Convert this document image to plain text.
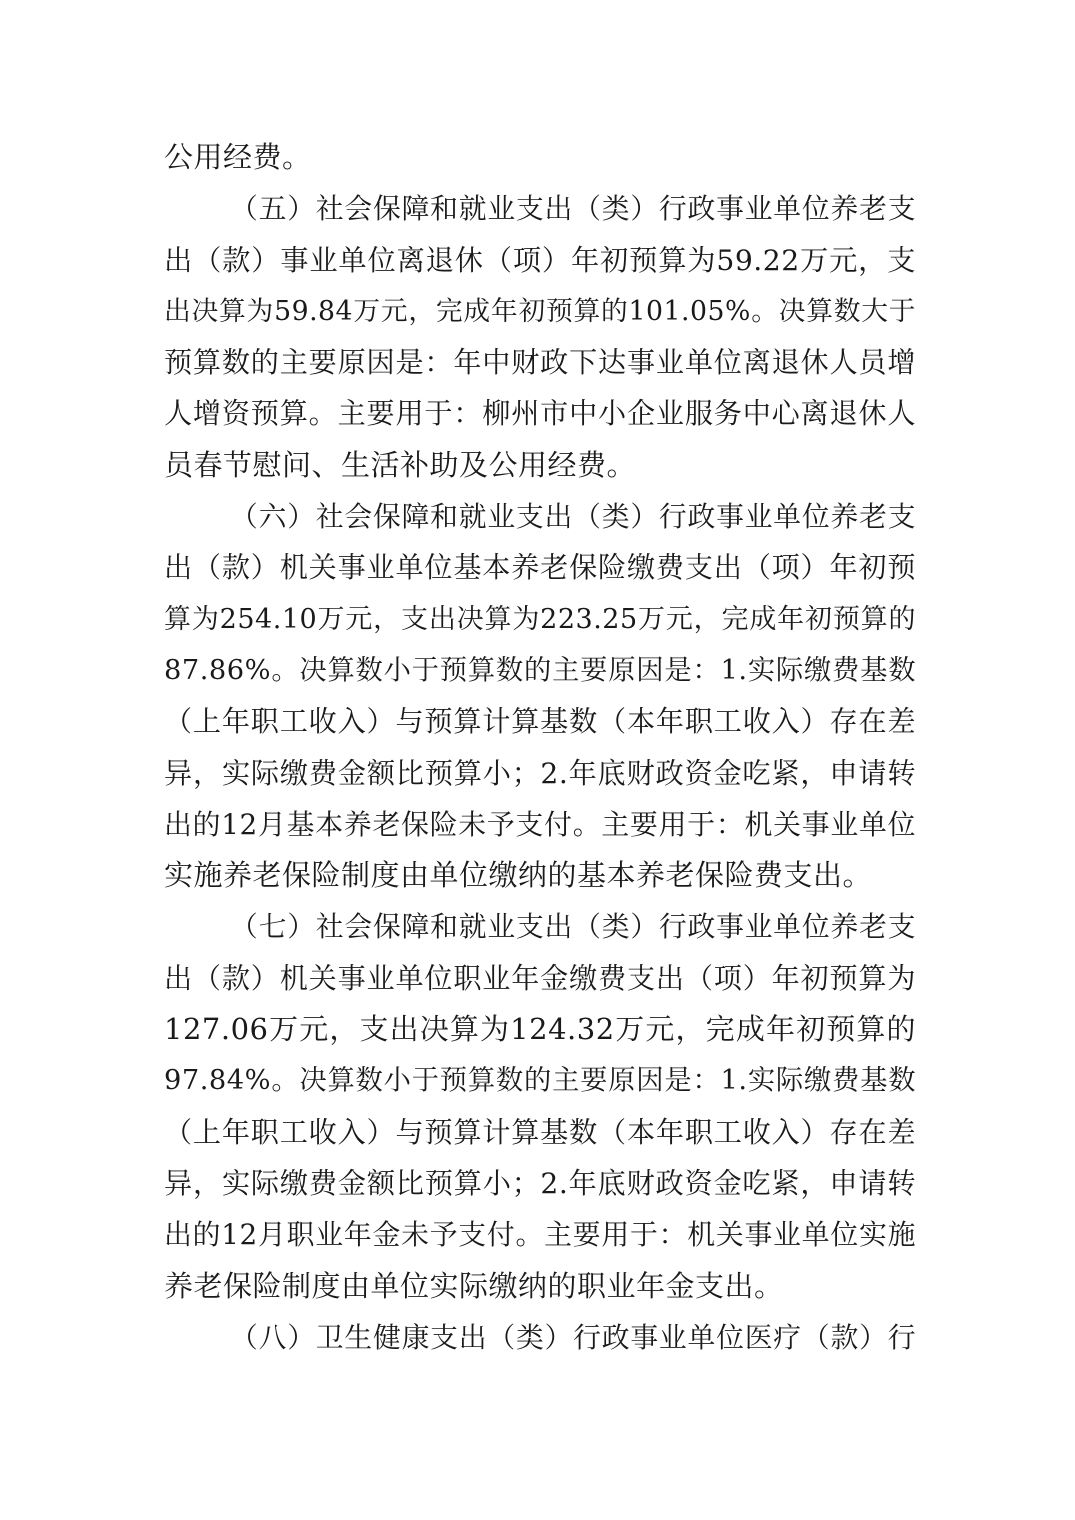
公用经费。
（五）社会保障和就业支出（类）行政事业单位养老支
出（款）事业单位离退休（项）年初预算为59.22万元，支
出决算为59.84万元，完成年初预算的101.05%。决算数大于
预算数的主要原因是：年中财政下达事业单位离退休人员增
人增资预算。主要用于：柳州市中小企业服务中心离退休人
员春节慰问、生活补助及公用经费。
（六）社会保障和就业支出（类）行政事业单位养老支
出（款）机关事业单位基本养老保险缴费支出（项）年初预
算为254.10万元，支出决算为223.25万元，完成年初预算的
87.86%。决算数小于预算数的主要原因是：1.实际缴费基数
（上年职工收入）与预算计算基数（本年职工收入）存在差
异，实际缴费金额比预算小；2.年底财政资金吃紧，申请转
出的12月基本养老保险未予支付。主要用于：机关事业单位
实施养老保险制度由单位缴纳的基本养老保险费支出。
（七）社会保障和就业支出（类）行政事业单位养老支
出（款）机关事业单位职业年金缴费支出（项）年初预算为
127.06万元，支出决算为124.32万元，完成年初预算的
97.84%。决算数小于预算数的主要原因是：1.实际缴费基数
（上年职工收入）与预算计算基数（本年职工收入）存在差
异，实际缴费金额比预算小；2.年底财政资金吃紧，申请转
出的12月职业年金未予支付。主要用于：机关事业单位实施
养老保险制度由单位实际缴纳的职业年金支出。
（八）卫生健康支出（类）行政事业单位医疗（款）行
